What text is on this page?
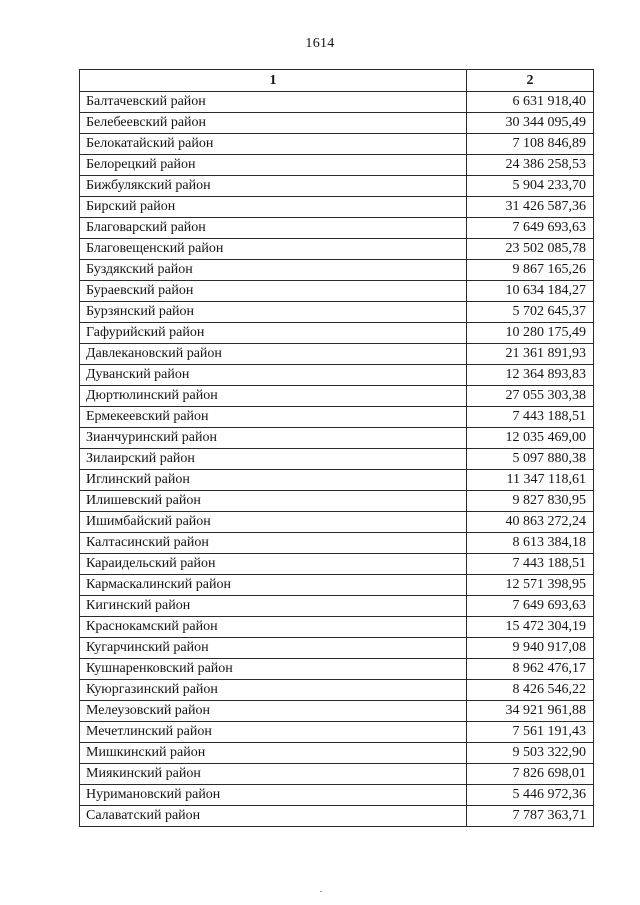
1614
1	2
Балтачевский район	6 631 918,40
Белебеевский район	30 344 095,49
Белокатайский район	7 108 846,89
Белорецкий район	24 386 258,53
Бижбулякский район	5 904 233,70
Бирский район	31 426 587,36
Благоварский район	7 649 693,63
Благовещенский район	23 502 085,78
Буздякский район	9 867 165,26
Бураевский район	10 634 184,27
Бурзянский район	5 702 645,37
Гафурийский район	10 280 175,49
Давлекановский район	21 361 891,93
Дуванский район	12 364 893,83
Дюртюлинский район	27 055 303,38
Ермекеевский район	7 443 188,51
Зианчуринский район	12 035 469,00
Зилаирский район	5 097 880,38
Иглинский район	11 347 118,61
Илишевский район	9 827 830,95
Ишимбайский район	40 863 272,24
Калтасинский район	8 613 384,18
Караидельский район	7 443 188,51
Кармаскалинский район	12 571 398,95
Кигинский район	7 649 693,63
Краснокамский район	15 472 304,19
Кугарчинский район	9 940 917,08
Кушнаренковский район	8 962 476,17
Куюргазинский район	8 426 546,22
Мелеузовский район	34 921 961,88
Мечетлинский район	7 561 191,43
Мишкинский район	9 503 322,90
Миякинский район	7 826 698,01
Нуримановский район	5 446 972,36
Салаватский район	7 787 363,71
